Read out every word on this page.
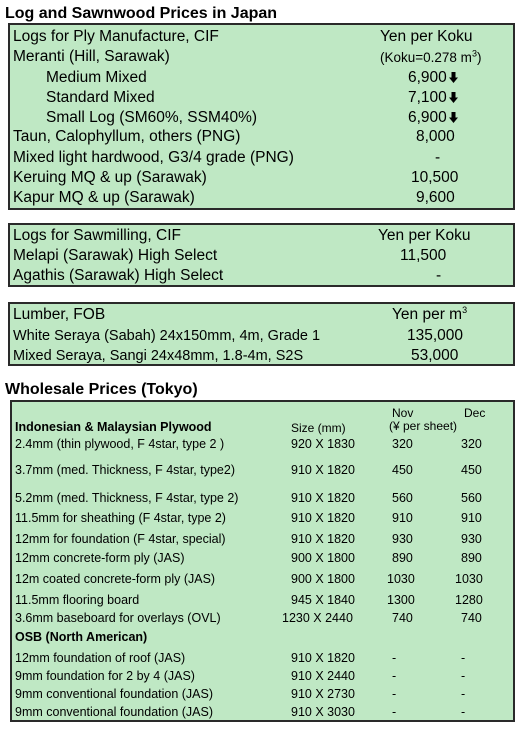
Log and Sawnwood Prices in Japan
Logs for Ply Manufacture, CIF	Yen per Koku
Meranti (Hill, Sarawak)	(Koku=0.278 $m^3$)
Medium Mixed	6,900
Standard Mixed	7,100
Small Log (SM60%, SSM40%)	6,900
Taun, Calophyllum, others (PNG)	8,000
Mixed light hardwood, G3/4 grade (PNG)	-
Keruing MQ & up (Sarawak)	10,500
Kapur MQ & up (Sarawak)	9,600
Logs for Sawmilling, CIF	Yen per Koku
Melapi (Sarawak) High Select	11,500
Agathis (Sarawak) High Select	-
Lumber, FOB	Yen per $m^3$
White Seraya (Sabah) 24x150mm, 4m, Grade 1	135,000
Mixed Seraya, Sangi 24x48mm, 1.8-4m, S2S	53,000
Wholesale Prices (Tokyo)
Nov	Dec
(¥ per sheet)
Indonesian & Malaysian Plywood	Size (mm)
2.4mm (thin plywood, F 4star, type 2 )	920 X 1830	320	320
3.7mm (med. Thickness, F 4star, type2)	910 X 1820	450	450
5.2mm (med. Thickness, F 4star, type 2)	910 X 1820	560	560
11.5mm for sheathing (F 4star, type 2)	910 X 1820	910	910
12mm for foundation (F 4star, special)	910 X 1820	930	930
12mm concrete-form ply (JAS)	900 X 1800	890	890
12m coated concrete-form ply (JAS)	900 X 1800	1030	1030
11.5mm flooring board	945 X 1840	1300	1280
3.6mm baseboard for overlays (OVL)	1230 X 2440	740	740
OSB (North American)
12mm foundation of roof (JAS)	910 X 1820	-	-
9mm foundation for 2 by 4 (JAS)	910 X 2440	-	-
9mm conventional foundation (JAS)	910 X 2730	-	-
9mm conventional foundation (JAS)	910 X 3030	-	-
